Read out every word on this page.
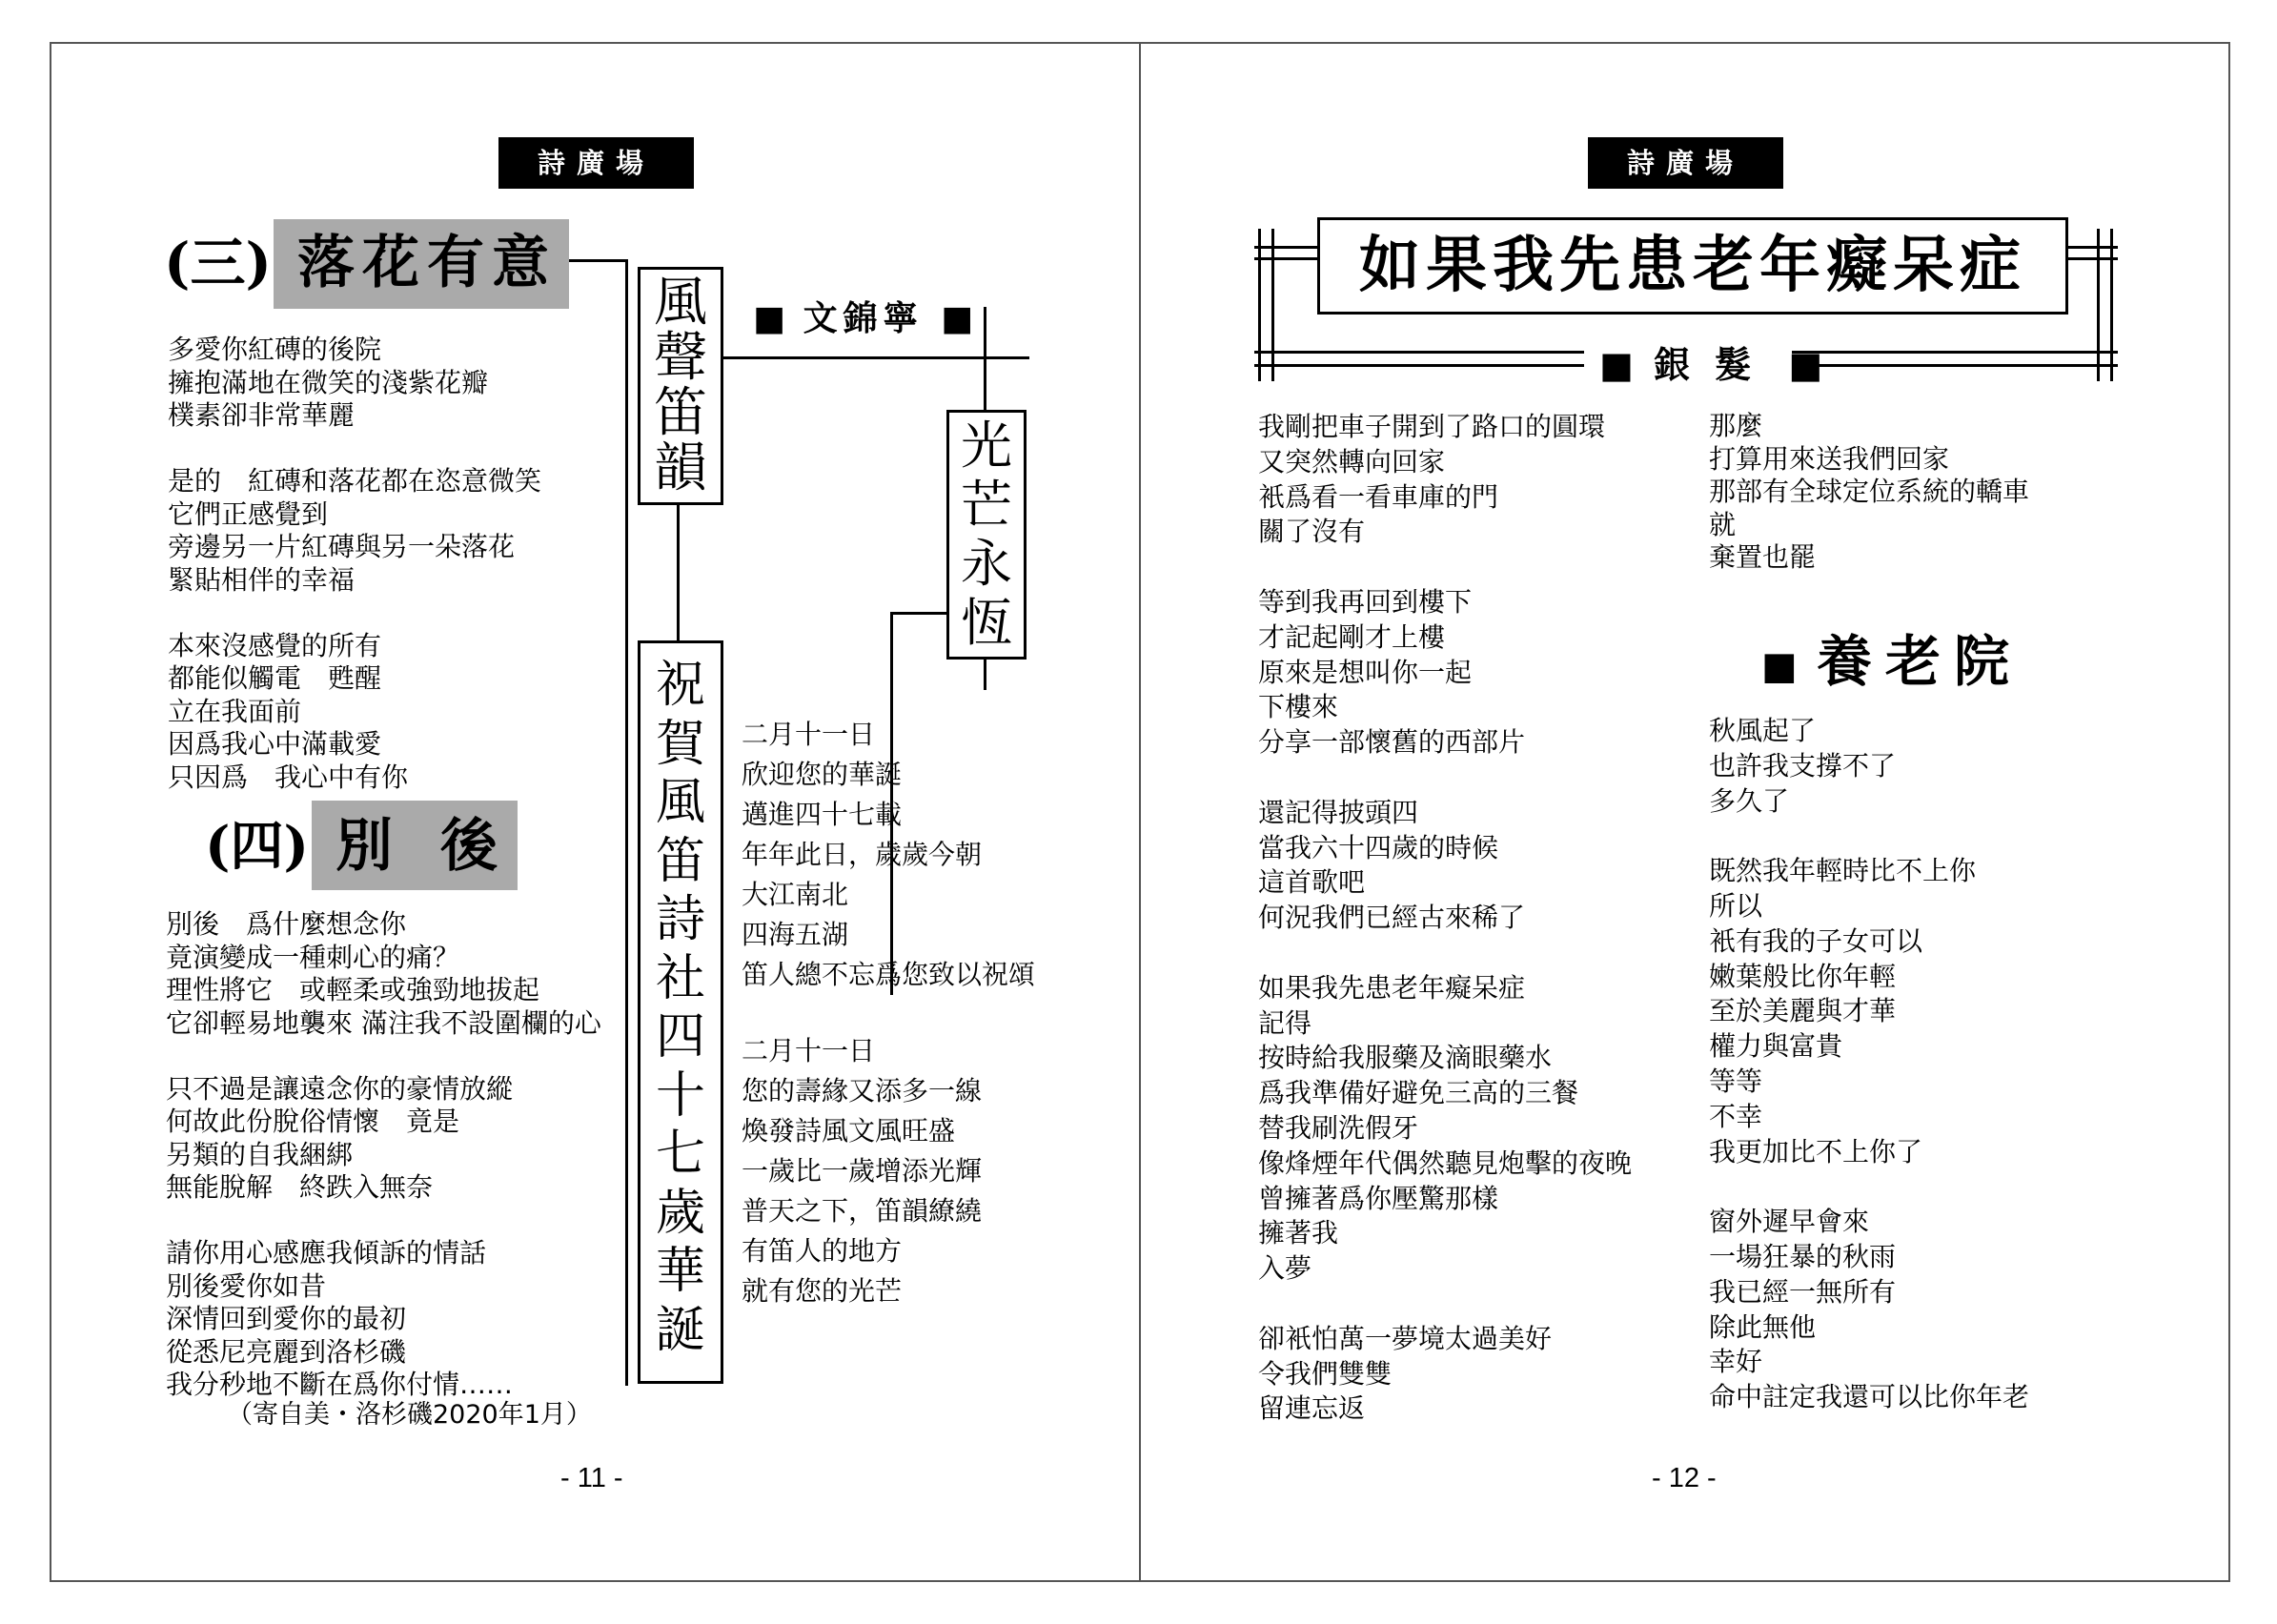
詩廣場
(三) 落花有意
多愛你紅磚的後院
擁抱滿地在微笑的淺紫花瓣
樸素卻非常華麗
是的　紅磚和落花都在恣意微笑
它們正感覺到
旁邊另一片紅磚與另一朵落花
緊貼相伴的幸福
本來沒感覺的所有
都能似觸電　甦醒
立在我面前
因爲我心中滿載愛
只因爲　我心中有你
(四) 別後
別後　爲什麼想念你
竟演變成一種刺心的痛？
理性將它　或輕柔或強勁地拔起
它卻輕易地襲來 滿注我不設圍欄的心
只不過是讓遠念你的豪情放縱
何故此份脫俗情懷　竟是
另類的自我綑綁
無能脫解　終跌入無奈
請你用心感應我傾訴的情話
別後愛你如昔
深情回到愛你的最初
從悉尼亮麗到洛杉磯
我分秒地不斷在爲你付情……
（寄自美・洛杉磯2020年1月）
風聲笛韻
■ 文錦寧 ■
光芒永恆
祝賀風笛詩社四十七歲華誕
二月十一日
欣迎您的華誕
邁進四十七載
年年此日，歲歲今朝
大江南北
四海五湖
笛人總不忘爲您致以祝頌
二月十一日
您的壽緣又添多一線
煥發詩風文風旺盛
一歲比一歲增添光輝
普天之下，笛韻繚繞
有笛人的地方
就有您的光芒
- 11 -
詩廣場
如果我先患老年癡呆症
■ 銀髮 ■
我剛把車子開到了路口的圓環
又突然轉向回家
衹爲看一看車庫的門
關了沒有
等到我再回到樓下
才記起剛才上樓
原來是想叫你一起
下樓來
分享一部懷舊的西部片
還記得披頭四
當我六十四歲的時候
這首歌吧
何況我們已經古來稀了
如果我先患老年癡呆症
記得
按時給我服藥及滴眼藥水
爲我準備好避免三高的三餐
替我刷洗假牙
像烽煙年代偶然聽見炮擊的夜晚
曾擁著爲你壓驚那樣
擁著我
入夢
卻衹怕萬一夢境太過美好
令我們雙雙
留連忘返
那麼
打算用來送我們回家
那部有全球定位系統的轎車
就
棄置也罷
■ 養老院
秋風起了
也許我支撐不了
多久了
既然我年輕時比不上你
所以
衹有我的子女可以
嫩葉般比你年輕
至於美麗與才華
權力與富貴
等等
不幸
我更加比不上你了
窗外遲早會來
一場狂暴的秋雨
我已經一無所有
除此無他
幸好
命中註定我還可以比你年老
- 12 -
